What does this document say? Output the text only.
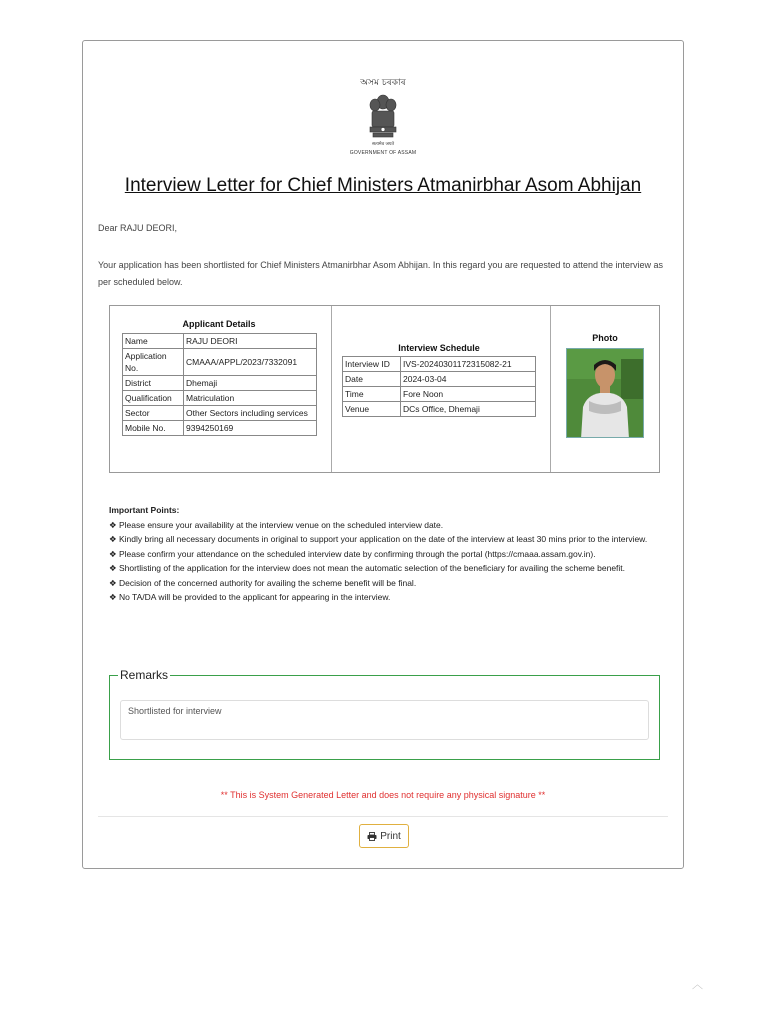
অসম চৰকাৰ
सत्यमेव जयते
GOVERNMENT OF ASSAM
Interview Letter for Chief Ministers Atmanirbhar Asom Abhijan

Dear RAJU DEORI,

Your application has been shortlisted for Chief Ministers Atmanirbhar Asom Abhijan. In this regard you are requested to attend the interview as per scheduled below.

Applicant Details
Name	RAJU DEORI
Application No.	CMAAA/APPL/2023/7332091
District	Dhemaji
Qualification	Matriculation
Sector	Other Sectors including services
Mobile No.	9394250169
Interview Schedule
Interview ID	IVS-20240301172315082-21
Date	2024-03-04
Time	Fore Noon
Venue	DCs Office, Dhemaji
Photo
Important Points:
❖ Please ensure your availability at the interview venue on the scheduled interview date.
❖ Kindly bring all necessary documents in original to support your application on the date of the interview at least 30 mins prior to the interview.
❖ Please confirm your attendance on the scheduled interview date by confirming through the portal (https://cmaaa.assam.gov.in).
❖ Shortlisting of the application for the interview does not mean the automatic selection of the beneficiary for availing the scheme benefit.
❖ Decision of the concerned authority for availing the scheme benefit will be final.
❖ No TA/DA will be provided to the applicant for appearing in the interview.
Remarks
Shortlisted for interview
** This is System Generated Letter and does not require any physical signature **
Print
︿
